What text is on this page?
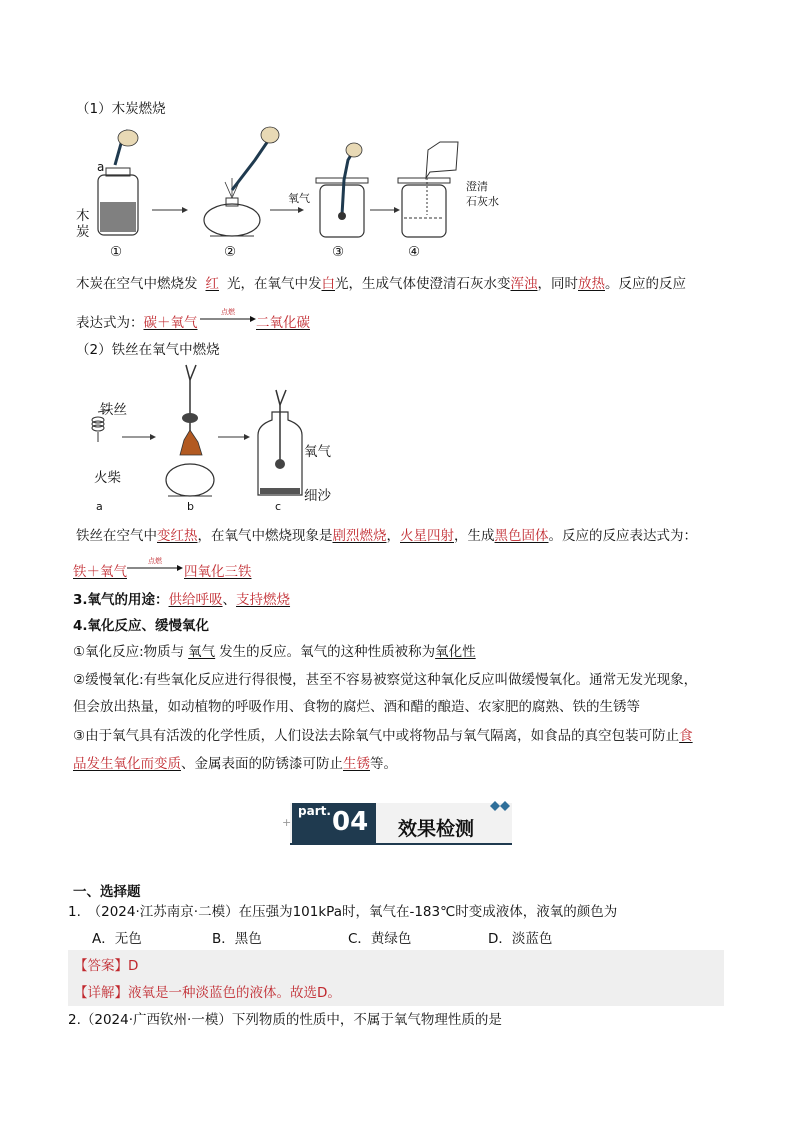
（1）木炭燃烧
a
木
炭
①	②	③	④
氧气
澄清
石灰水
木炭在空气中燃烧发 红 光，在氧气中发白光，生成气体使澄清石灰水变浑浊，同时放热。反应的反应
表达式为：碳＋氧气
点燃
二氧化碳
（2）铁丝在氧气中燃烧
铁丝
火柴
氧气
细沙
a	b	c
铁丝在空气中变红热，在氧气中燃烧现象是剧烈燃烧，火星四射，生成黑色固体。反应的反应表达式为：
铁＋氧气
点燃
四氧化三铁
3.氧气的用途：供给呼吸、支持燃烧
4.氧化反应、缓慢氧化
①氧化反应:物质与 氧气 发生的反应。氧气的这种性质被称为氧化性
②缓慢氧化:有些氧化反应进行得很慢，甚至不容易被察觉这种氧化反应叫做缓慢氧化。通常无发光现象，
但会放出热量，如动植物的呼吸作用、食物的腐烂、酒和醋的酿造、农家肥的腐熟、铁的生锈等
③由于氧气具有活泼的化学性质，人们设法去除氧气中或将物品与氧气隔离，如食品的真空包装可防止食
品发生氧化而变质、金属表面的防锈漆可防止生锈等。
part. 04 效果检测
+
一、选择题
1.　（2024·江苏南京·二模）在压强为101kPa时，氧气在-183℃时变成液体，液氧的颜色为
A．无色	B．黑色	C．黄绿色	D．淡蓝色
【答案】D
【详解】液氧是一种淡蓝色的液体。故选D。
2.（2024·广西钦州·一模）下列物质的性质中，不属于氧气物理性质的是
